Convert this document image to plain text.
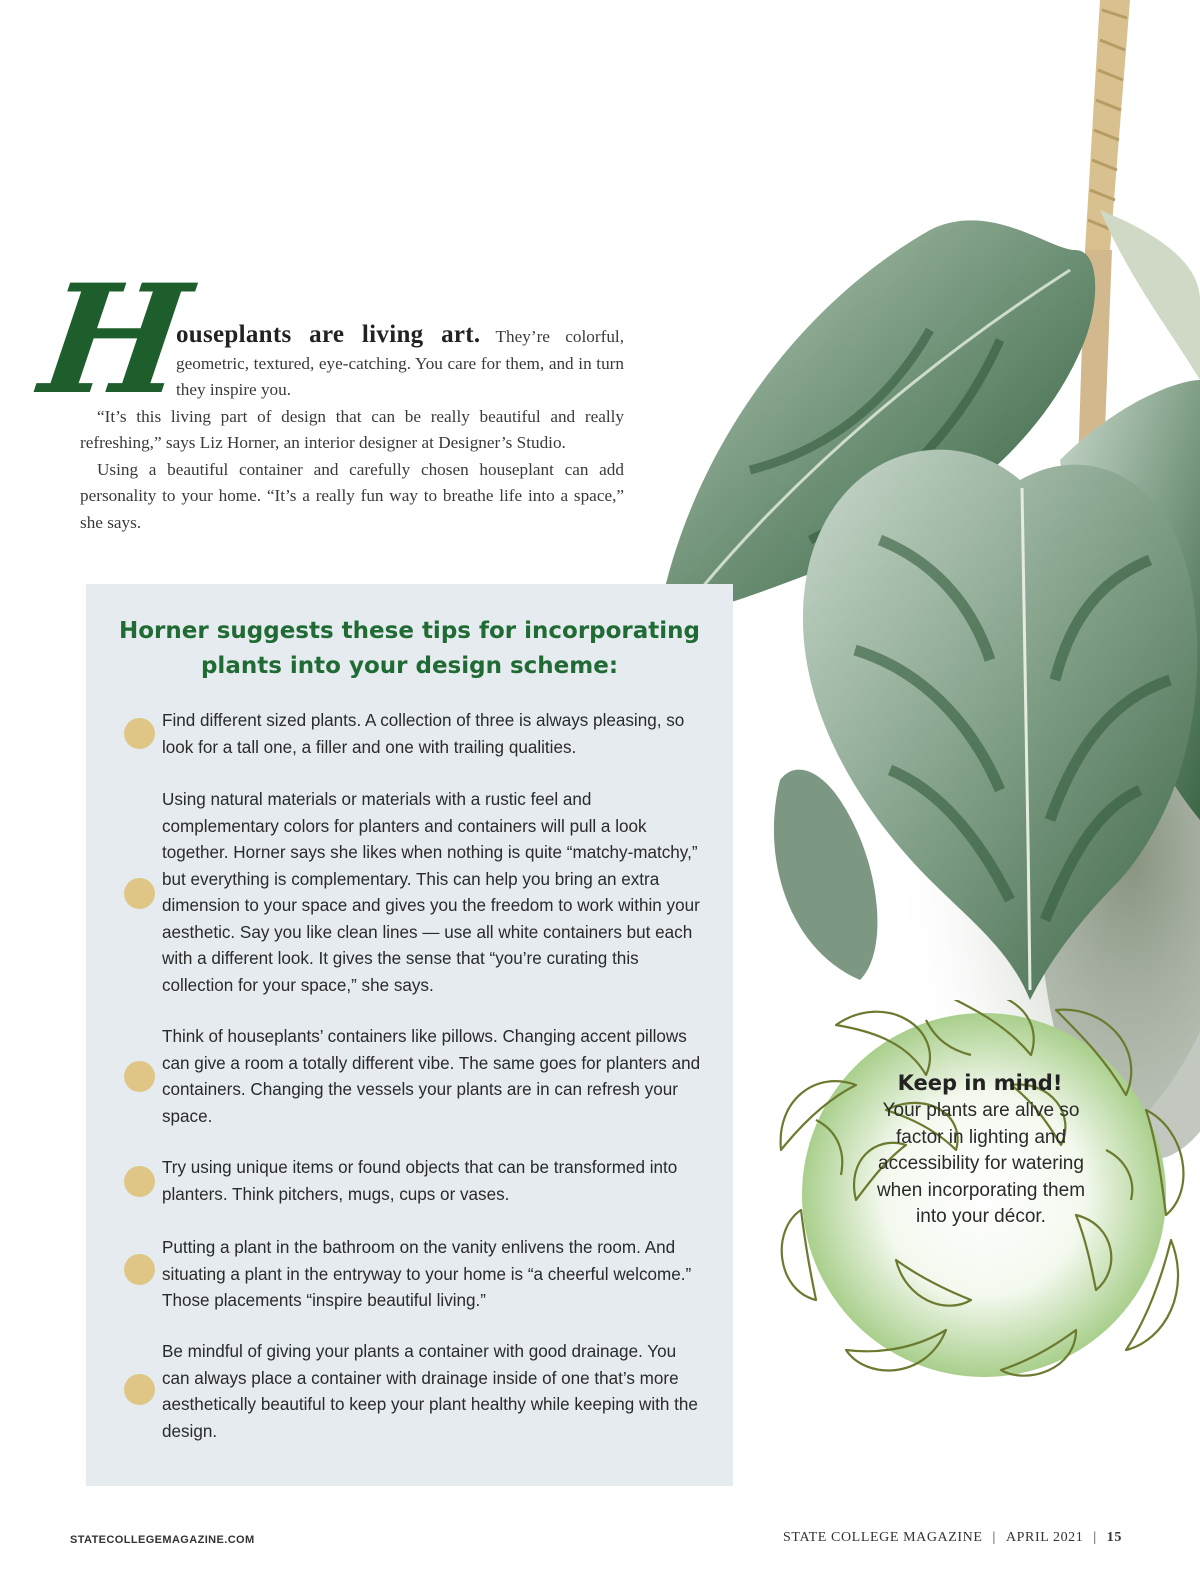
H

ouseplants are living art. They’re colorful, geometric, textured, eye-catching. You care for them, and in turn they inspire you.

“It’s this living part of design that can be really beautiful and really refreshing,” says Liz Horner, an interior designer at Designer’s Studio.

Using a beautiful container and carefully chosen houseplant can add personality to your home. “It’s a really fun way to breathe life into a space,” she says.

Horner suggests these tips for incorporating
plants into your design scheme:
Find different sized plants. A collection of three is always pleasing, so look for a tall one, a filler and one with trailing qualities.
Using natural materials or materials with a rustic feel and complementary colors for planters and containers will pull a look together. Horner says she likes when nothing is quite “matchy-matchy,” but everything is complementary. This can help you bring an extra dimension to your space and gives you the freedom to work within your aesthetic. Say you like clean lines — use all white containers but each with a different look. It gives the sense that “you’re curating this collection for your space,” she says.
Think of houseplants’ containers like pillows. Changing accent pillows can give a room a totally different vibe. The same goes for planters and containers. Changing the vessels your plants are in can refresh your space.
Try using unique items or found objects that can be transformed into planters. Think pitchers, mugs, cups or vases.
Putting a plant in the bathroom on the vanity enlivens the room. And situating a plant in the entryway to your home is “a cheerful welcome.” Those placements “inspire beautiful living.”
Be mindful of giving your plants a container with good drainage. You can always place a container with drainage inside of one that’s more aesthetically beautiful to keep your plant healthy while keeping with the design.
Keep in mind!
Your plants are alive so factor in lighting and accessibility for watering when incorporating them into your décor.
STATECOLLEGEMAGAZINE.COM	STATE COLLEGE MAGAZINE | APRIL 2021 | 15
